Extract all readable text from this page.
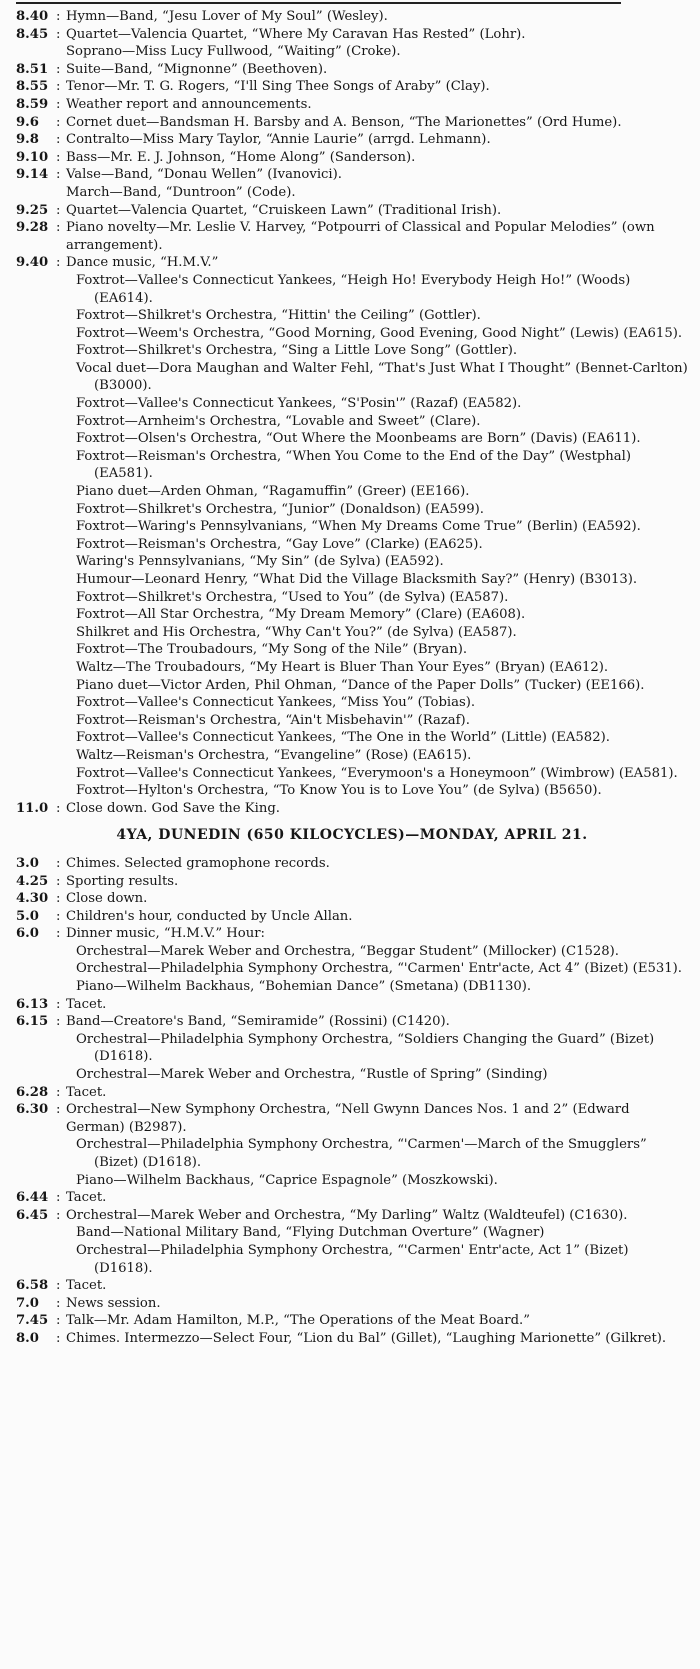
8.40 : Hymn—Band, “Jesu Lover of My Soul” (Wesley).
8.45 : Quartet—Valencia Quartet, “Where My Caravan Has Rested” (Lohr).
Soprano—Miss Lucy Fullwood, “Waiting” (Croke).
8.51 : Suite—Band, “Mignonne” (Beethoven).
8.55 : Tenor—Mr. T. G. Rogers, “I'll Sing Thee Songs of Araby” (Clay).
8.59 : Weather report and announcements.
9.6	: Cornet duet—Bandsman H. Barsby and A. Benson, “The Marionettes” (Ord Hume).
9.8	: Contralto—Miss Mary Taylor, “Annie Laurie” (arrgd. Lehmann).
9.10 : Bass—Mr. E. J. Johnson, “Home Along” (Sanderson).
9.14 : Valse—Band, “Donau Wellen” (Ivanovici).
March—Band, “Duntroon” (Code).
9.25 : Quartet—Valencia Quartet, “Cruiskeen Lawn” (Traditional Irish).
9.28 : Piano novelty—Mr. Leslie V. Harvey, “Potpourri of Classical and Popular Melodies” (own arrangement).
9.40 : Dance music, “H.M.V.”
Foxtrot—Vallee's Connecticut Yankees, “Heigh Ho! Everybody Heigh Ho!” (Woods) (EA614).
Foxtrot—Shilkret's Orchestra, “Hittin' the Ceiling” (Gottler).
Foxtrot—Weem's Orchestra, “Good Morning, Good Evening, Good Night” (Lewis) (EA615).
Foxtrot—Shilkret's Orchestra, “Sing a Little Love Song” (Gottler).
Vocal duet—Dora Maughan and Walter Fehl, “That's Just What I Thought” (Bennet-Carlton) (B3000).
Foxtrot—Vallee's Connecticut Yankees, “S'Posin'” (Razaf) (EA582).
Foxtrot—Arnheim's Orchestra, “Lovable and Sweet” (Clare).
Foxtrot—Olsen's Orchestra, “Out Where the Moonbeams are Born” (Davis) (EA611).
Foxtrot—Reisman's Orchestra, “When You Come to the End of the Day” (Westphal) (EA581).
Piano duet—Arden Ohman, “Ragamuffin” (Greer) (EE166).
Foxtrot—Shilkret's Orchestra, “Junior” (Donaldson) (EA599).
Foxtrot—Waring's Pennsylvanians, “When My Dreams Come True” (Berlin) (EA592).
Foxtrot—Reisman's Orchestra, “Gay Love” (Clarke) (EA625).
Waring's Pennsylvanians, “My Sin” (de Sylva) (EA592).
Humour—Leonard Henry, “What Did the Village Blacksmith Say?” (Henry) (B3013).
Foxtrot—Shilkret's Orchestra, “Used to You” (de Sylva) (EA587).
Foxtrot—All Star Orchestra, “My Dream Memory” (Clare) (EA608).
Shilkret and His Orchestra, “Why Can't You?” (de Sylva) (EA587).
Foxtrot—The Troubadours, “My Song of the Nile” (Bryan).
Waltz—The Troubadours, “My Heart is Bluer Than Your Eyes” (Bryan) (EA612).
Piano duet—Victor Arden, Phil Ohman, “Dance of the Paper Dolls” (Tucker) (EE166).
Foxtrot—Vallee's Connecticut Yankees, “Miss You” (Tobias).
Foxtrot—Reisman's Orchestra, “Ain't Misbehavin'” (Razaf).
Foxtrot—Vallee's Connecticut Yankees, “The One in the World” (Little) (EA582).
Waltz—Reisman's Orchestra, “Evangeline” (Rose) (EA615).
Foxtrot—Vallee's Connecticut Yankees, “Everymoon's a Honeymoon” (Wimbrow) (EA581).
Foxtrot—Hylton's Orchestra, “To Know You is to Love You” (de Sylva) (B5650).
11.0 : Close down. God Save the King.
4YA, DUNEDIN (650 KILOCYCLES)—MONDAY, APRIL 21.
3.0	: Chimes. Selected gramophone records.
4.25 : Sporting results.
4.30 : Close down.
5.0	: Children's hour, conducted by Uncle Allan.
6.0	: Dinner music, “H.M.V.” Hour:
Orchestral—Marek Weber and Orchestra, “Beggar Student” (Millocker) (C1528).
Orchestral—Philadelphia Symphony Orchestra, “'Carmen' Entr'acte, Act 4” (Bizet) (E531).
Piano—Wilhelm Backhaus, “Bohemian Dance” (Smetana) (DB1130).
6.13 : Tacet.
6.15 : Band—Creatore's Band, “Semiramide” (Rossini) (C1420).
Orchestral—Philadelphia Symphony Orchestra, “Soldiers Changing the Guard” (Bizet) (D1618).
Orchestral—Marek Weber and Orchestra, “Rustle of Spring” (Sinding)
6.28 : Tacet.
6.30 : Orchestral—New Symphony Orchestra, “Nell Gwynn Dances Nos. 1 and 2” (Edward German) (B2987).
Orchestral—Philadelphia Symphony Orchestra, “'Carmen'—March of the Smugglers” (Bizet) (D1618).
Piano—Wilhelm Backhaus, “Caprice Espagnole” (Moszkowski).
6.44 : Tacet.
6.45 : Orchestral—Marek Weber and Orchestra, “My Darling” Waltz (Waldteufel) (C1630).
Band—National Military Band, “Flying Dutchman Overture” (Wagner)
Orchestral—Philadelphia Symphony Orchestra, “'Carmen' Entr'acte, Act 1” (Bizet) (D1618).
6.58 : Tacet.
7.0	: News session.
7.45 : Talk—Mr. Adam Hamilton, M.P., “The Operations of the Meat Board.”
8.0	: Chimes. Intermezzo—Select Four, “Lion du Bal” (Gillet), “Laughing Marionette” (Gilkret).
